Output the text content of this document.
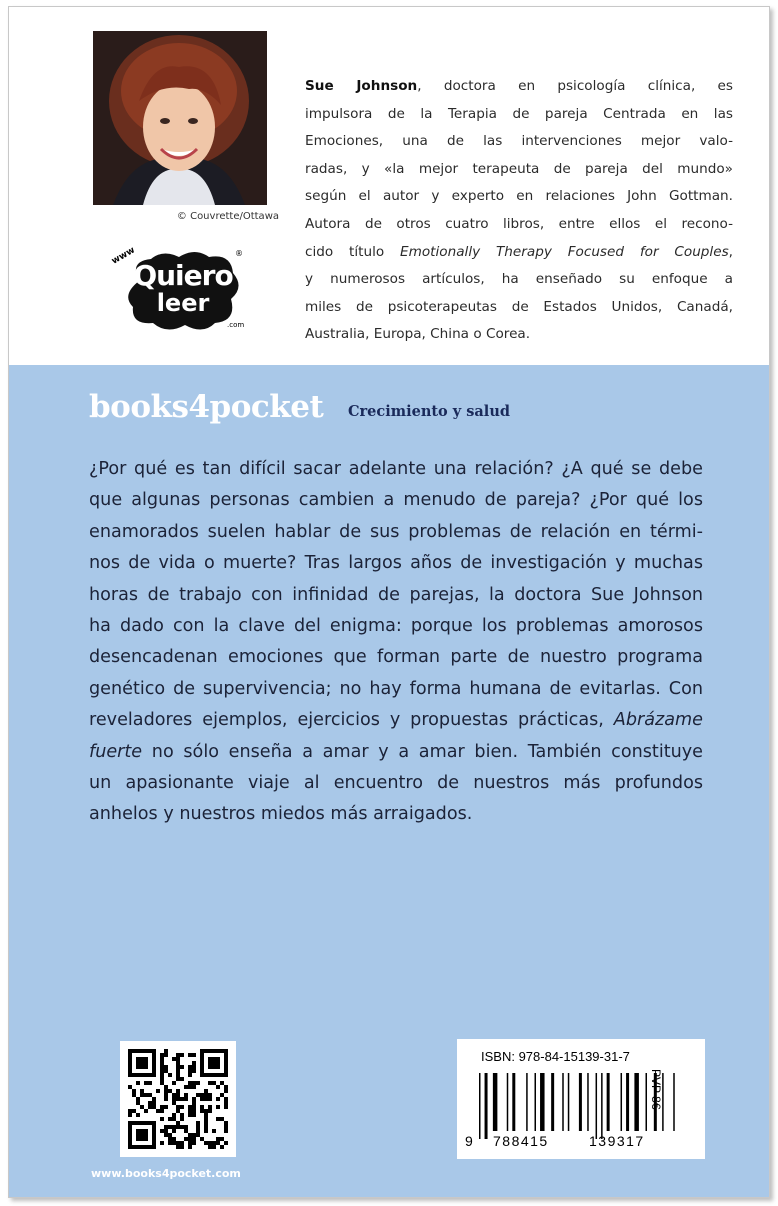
© Couvrette/Ottawa
www
Quiero
leer
®
.com
Sue Johnson, doctora en psicología clínica, es
impulsora de la Terapia de pareja Centrada en las
Emociones, una de las intervenciones mejor valo-
radas, y «la mejor terapeuta de pareja del mundo»
según el autor y experto en relaciones John Gottman.
Autora de otros cuatro libros, entre ellos el recono-
cido título Emotionally Therapy Focused for Couples,
y numerosos artículos, ha enseñado su enfoque a
miles de psicoterapeutas de Estados Unidos, Canadá,
Australia, Europa, China o Corea.
books4pocket Crecimiento y salud
¿Por qué es tan difícil sacar adelante una relación? ¿A qué se debe
que algunas personas cambien a menudo de pareja? ¿Por qué los
enamorados suelen hablar de sus problemas de relación en térmi-
nos de vida o muerte? Tras largos años de investigación y muchas
horas de trabajo con infinidad de parejas, la doctora Sue Johnson
ha dado con la clave del enigma: porque los problemas amorosos
desencadenan emociones que forman parte de nuestro programa
genético de supervivencia; no hay forma humana de evitarlas. Con
reveladores ejemplos, ejercicios y propuestas prácticas, Abrázame
fuerte no sólo enseña a amar y a amar bien. También constituye
un apasionante viaje al encuentro de nuestros más profundos
anhelos y nuestros miedos más arraigados.
www.books4pocket.com
ISBN: 978-84-15139-31-7
9 788415	139317
PVP 8€
